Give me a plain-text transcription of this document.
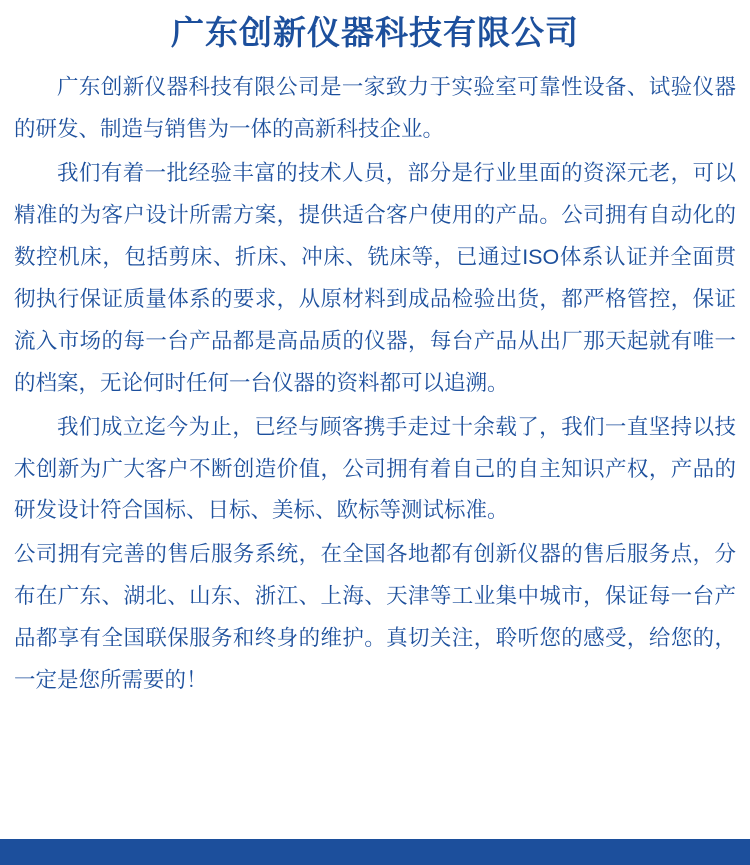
广东创新仪器科技有限公司

广东创新仪器科技有限公司是一家致力于实验室可靠性设备、试验仪器的研发、制造与销售为一体的高新科技企业。

我们有着一批经验丰富的技术人员，部分是行业里面的资深元老，可以精准的为客户设计所需方案，提供适合客户使用的产品。公司拥有自动化的数控机床，包括剪床、折床、冲床、铣床等，已通过ISO体系认证并全面贯彻执行保证质量体系的要求，从原材料到成品检验出货，都严格管控，保证流入市场的每一台产品都是高品质的仪器，每台产品从出厂那天起就有唯一的档案，无论何时任何一台仪器的资料都可以追溯。

我们成立迄今为止，已经与顾客携手走过十余载了，我们一直坚持以技术创新为广大客户不断创造价值，公司拥有着自己的自主知识产权，产品的研发设计符合国标、日标、美标、欧标等测试标准。

公司拥有完善的售后服务系统，在全国各地都有创新仪器的售后服务点，分布在广东、湖北、山东、浙江、上海、天津等工业集中城市，保证每一台产品都享有全国联保服务和终身的维护。真切关注，聆听您的感受，给您的，一定是您所需要的！
